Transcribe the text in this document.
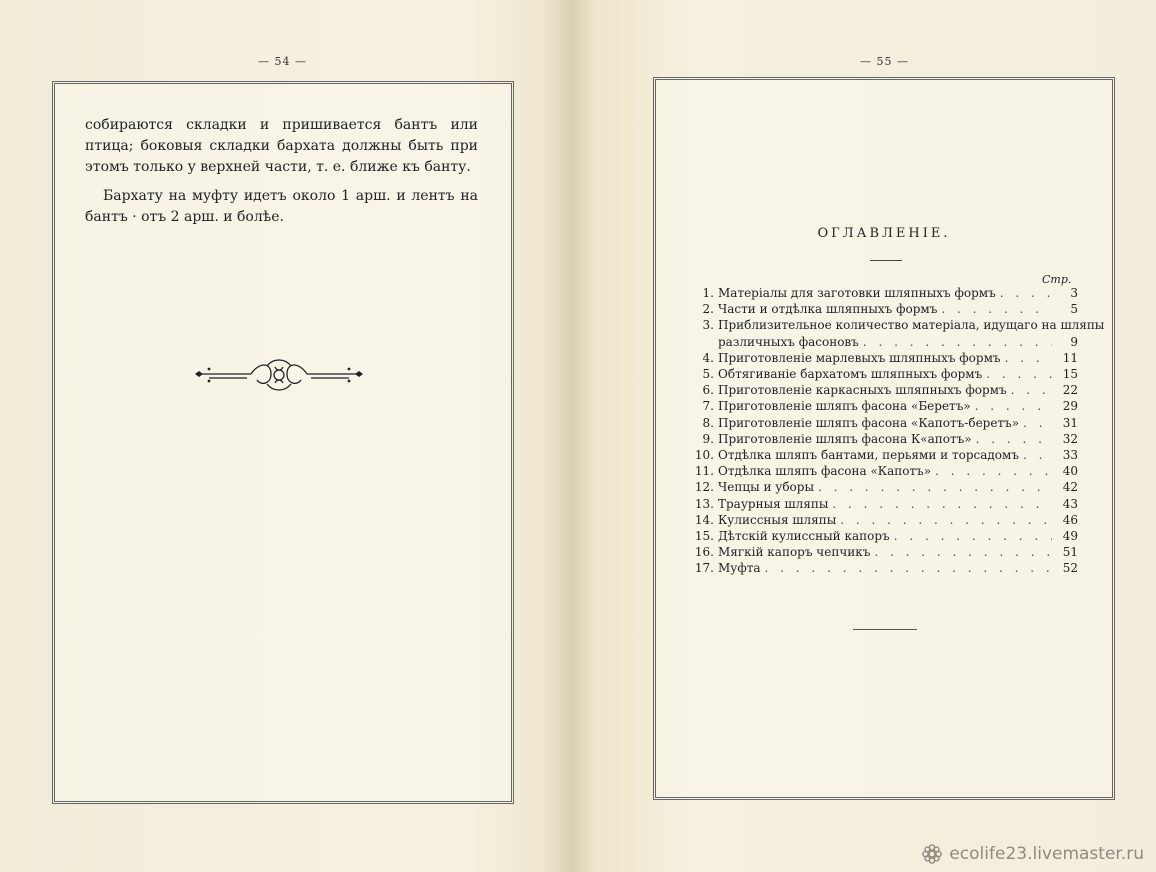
— 54 —
собираются складки и пришивается бантъ или птица; боковыя складки бархата должны быть при этомъ только у верхней части, т. е. ближе къ банту.
Бархату на муфту идетъ около 1 арш. и лентъ на бантъ · отъ 2 арш. и болѣе.
— 55 —
ОГЛАВЛЕНІЕ.
Стр.
1. Матеріалы для заготовки шляпныхъ формъ . . .	3
2. Части и отдѣлка шляпныхъ формъ . . .	5
3. Приблизительное количество матеріала, идущаго на шляпы
различныхъ фасоновъ . . .	9
4. Приготовленіе марлевыхъ шляпныхъ формъ . . .	11
5. Обтягиваніе бархатомъ шляпныхъ формъ . . .	15
6. Приготовленіе каркасныхъ шляпныхъ формъ . . .	22
7. Приготовленіе шляпъ фасона «Беретъ» . . .	29
8. Приготовленіе шляпъ фасона «Капотъ-беретъ» . . .	31
9. Приготовленіе шляпъ фасона К«апотъ» . . .	32
10. Отдѣлка шляпъ бантами, перьями и торсадомъ . . .	33
11. Отдѣлка шляпъ фасона «Капотъ» . . .	40
12. Чепцы и уборы . . .	42
13. Траурныя шляпы . . .	43
14. Кулиссныя шляпы . . .	46
15. Дѣтскій кулиссный капоръ . . .	49
16. Мягкій капоръ чепчикъ . . .	51
17. Муфта . . .	52
ecolife23.livemaster.ru
